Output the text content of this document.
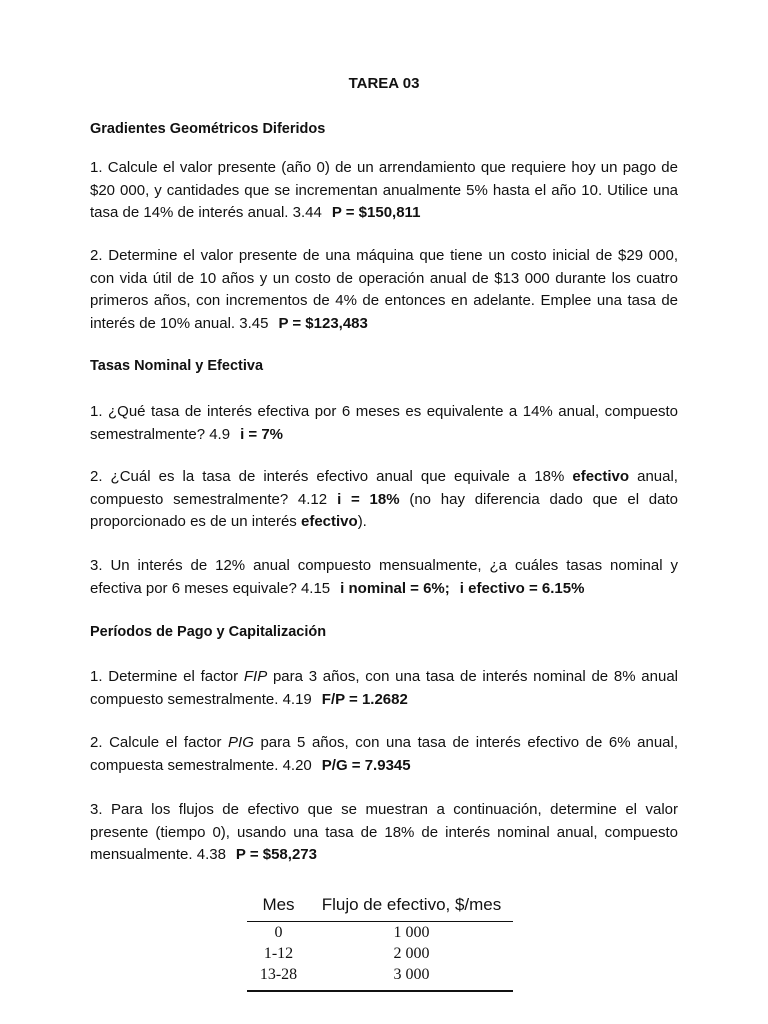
TAREA 03
Gradientes Geométricos Diferidos
1. Calcule el valor presente (año 0) de un arrendamiento que requiere hoy un pago de $20 000, y cantidades que se incrementan anualmente 5% hasta el año 10. Utilice una tasa de 14% de interés anual. 3.44 P = $150,811
2. Determine el valor presente de una máquina que tiene un costo inicial de $29 000, con vida útil de 10 años y un costo de operación anual de $13 000 durante los cuatro primeros años, con incrementos de 4% de entonces en adelante. Emplee una tasa de interés de 10% anual. 3.45 P = $123,483
Tasas Nominal y Efectiva
1. ¿Qué tasa de interés efectiva por 6 meses es equivalente a 14% anual, compuesto semestralmente? 4.9 i = 7%
2. ¿Cuál es la tasa de interés efectivo anual que equivale a 18% efectivo anual, compuesto semestralmente? 4.12 i = 18% (no hay diferencia dado que el dato proporcionado es de un interés efectivo).
3. Un interés de 12% anual compuesto mensualmente, ¿a cuáles tasas nominal y efectiva por 6 meses equivale? 4.15 i nominal = 6%; i efectivo = 6.15%
Períodos de Pago y Capitalización
1. Determine el factor FIP para 3 años, con una tasa de interés nominal de 8% anual compuesto semestralmente. 4.19 F/P = 1.2682
2. Calcule el factor PIG para 5 años, con una tasa de interés efectivo de 6% anual, compuesta semestralmente. 4.20 P/G = 7.9345
3. Para los flujos de efectivo que se muestran a continuación, determine el valor presente (tiempo 0), usando una tasa de 18% de interés nominal anual, compuesto mensualmente. 4.38 P = $58,273
Mes	Flujo de efectivo, $/mes
0	1 000
1-12	2 000
13-28	3 000
